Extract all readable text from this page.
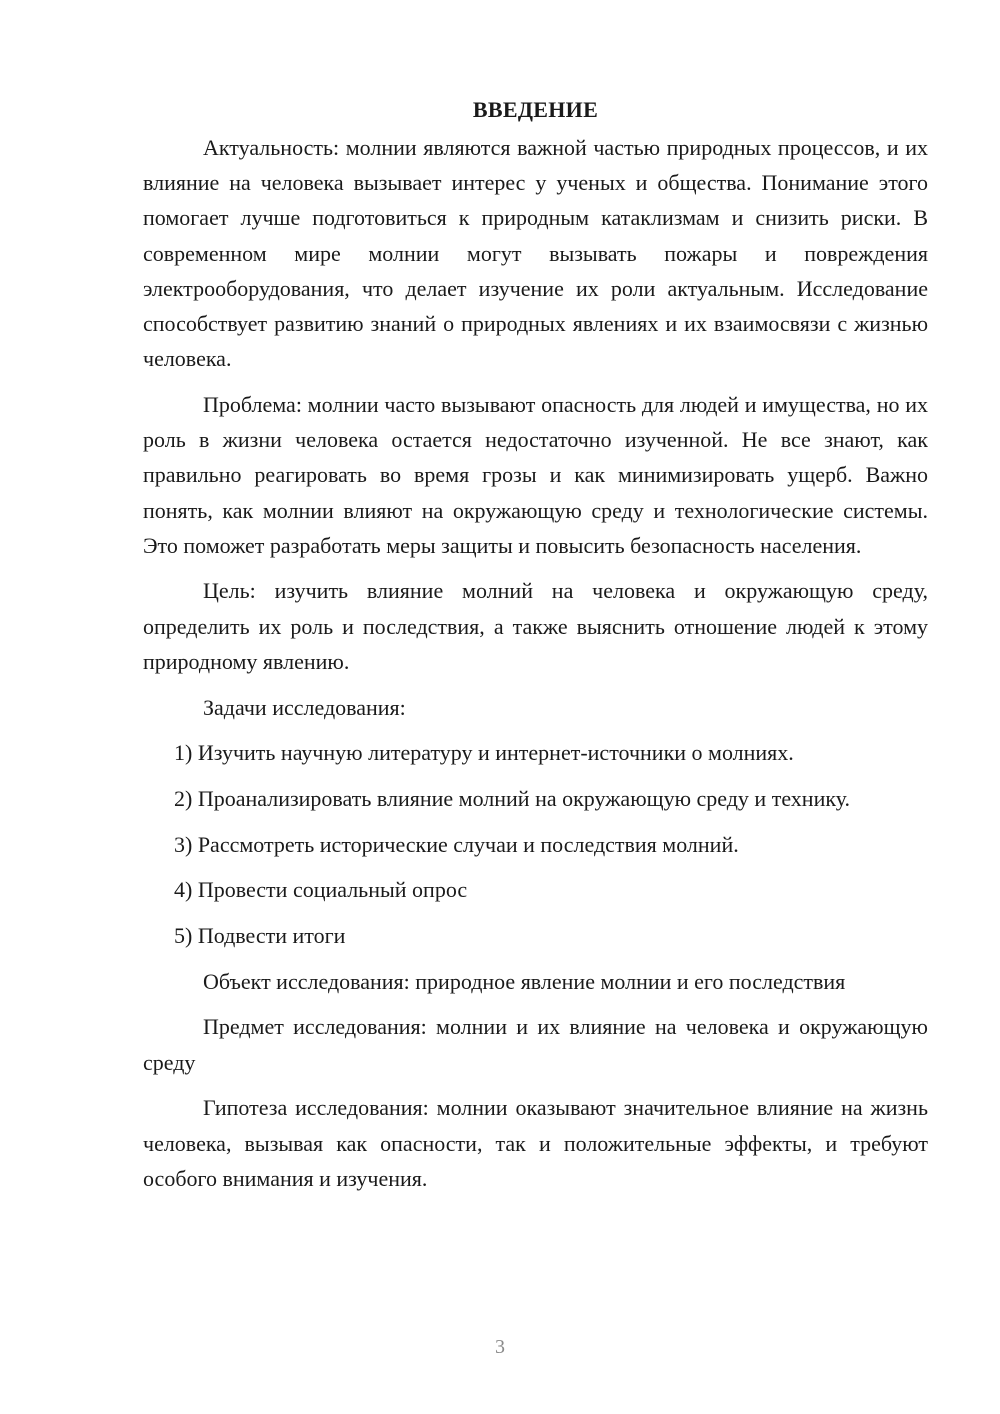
ВВЕДЕНИЕ

Актуальность: молнии являются важной частью природных процессов, и их влияние на человека вызывает интерес у ученых и общества. Понимание этого помогает лучше подготовиться к природным катаклизмам и снизить риски. В современном мире молнии могут вызывать пожары и повреждения электрооборудования, что делает изучение их роли актуальным. Исследование способствует развитию знаний о природных явлениях и их взаимосвязи с жизнью человека.

Проблема: молнии часто вызывают опасность для людей и имущества, но их роль в жизни человека остается недостаточно изученной. Не все знают, как правильно реагировать во время грозы и как минимизировать ущерб. Важно понять, как молнии влияют на окружающую среду и технологические системы. Это поможет разработать меры защиты и повысить безопасность населения.

Цель: изучить влияние молний на человека и окружающую среду, определить их роль и последствия, а также выяснить отношение людей к этому природному явлению.

Задачи исследования:

1) Изучить научную литературу и интернет-источники о молниях.

2) Проанализировать влияние молний на окружающую среду и технику.

3) Рассмотреть исторические случаи и последствия молний.

4) Провести социальный опрос

5) Подвести итоги

Объект исследования: природное явление молнии и его последствия

Предмет исследования: молнии и их влияние на человека и окружающую среду

Гипотеза исследования: молнии оказывают значительное влияние на жизнь человека, вызывая как опасности, так и положительные эффекты, и требуют особого внимания и изучения.

3
